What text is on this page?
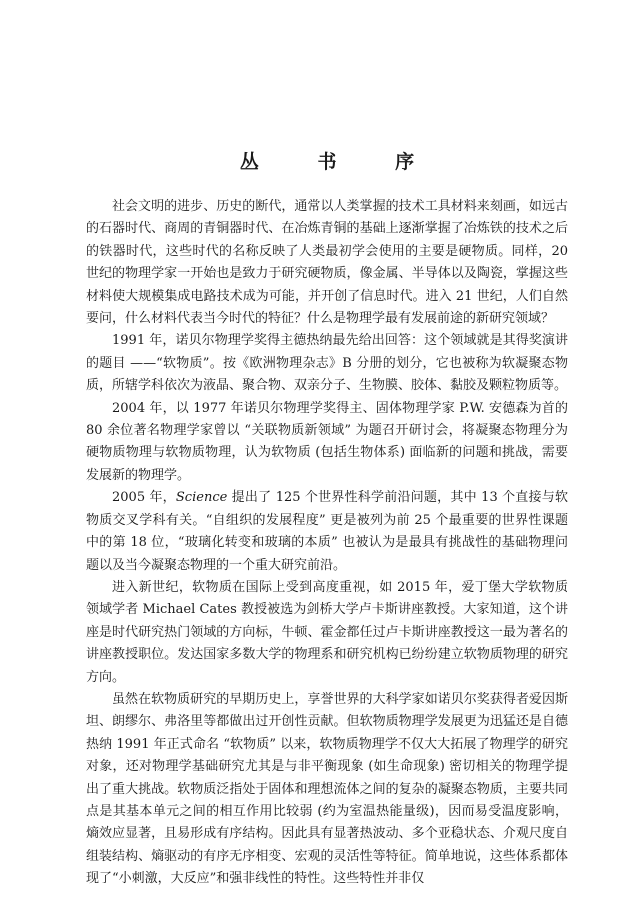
丛 书 序

社会文明的进步、历史的断代，通常以人类掌握的技术工具材料来刻画，如远古的石器时代、商周的青铜器时代、在冶炼青铜的基础上逐渐掌握了冶炼铁的技术之后的铁器时代，这些时代的名称反映了人类最初学会使用的主要是硬物质。同样，20 世纪的物理学家一开始也是致力于研究硬物质，像金属、半导体以及陶瓷，掌握这些材料使大规模集成电路技术成为可能，并开创了信息时代。进入 21 世纪，人们自然要问，什么材料代表当今时代的特征？什么是物理学最有发展前途的新研究领域？

1991 年，诺贝尔物理学奖得主德热纳最先给出回答：这个领域就是其得奖演讲的题目 ——“软物质”。按《欧洲物理杂志》B 分册的划分，它也被称为软凝聚态物质，所辖学科依次为液晶、聚合物、双亲分子、生物膜、胶体、黏胶及颗粒物质等。

2004 年，以 1977 年诺贝尔物理学奖得主、固体物理学家 P.W. 安德森为首的 80 余位著名物理学家曾以 “关联物质新领域” 为题召开研讨会，将凝聚态物理分为硬物质物理与软物质物理，认为软物质 (包括生物体系) 面临新的问题和挑战，需要发展新的物理学。

2005 年，Science 提出了 125 个世界性科学前沿问题，其中 13 个直接与软物质交叉学科有关。“自组织的发展程度” 更是被列为前 25 个最重要的世界性课题中的第 18 位，“玻璃化转变和玻璃的本质” 也被认为是最具有挑战性的基础物理问题以及当今凝聚态物理的一个重大研究前沿。

进入新世纪，软物质在国际上受到高度重视，如 2015 年，爱丁堡大学软物质领域学者 Michael Cates 教授被选为剑桥大学卢卡斯讲座教授。大家知道，这个讲座是时代研究热门领域的方向标，牛顿、霍金都任过卢卡斯讲座教授这一最为著名的讲座教授职位。发达国家多数大学的物理系和研究机构已纷纷建立软物质物理的研究方向。

虽然在软物质研究的早期历史上，享誉世界的大科学家如诺贝尔奖获得者爱因斯坦、朗缪尔、弗洛里等都做出过开创性贡献。但软物质物理学发展更为迅猛还是自德热纳 1991 年正式命名 “软物质” 以来，软物质物理学不仅大大拓展了物理学的研究对象，还对物理学基础研究尤其是与非平衡现象 (如生命现象) 密切相关的物理学提出了重大挑战。软物质泛指处于固体和理想流体之间的复杂的凝聚态物质，主要共同点是其基本单元之间的相互作用比较弱 (约为室温热能量级)，因而易受温度影响，熵效应显著，且易形成有序结构。因此具有显著热波动、多个亚稳状态、介观尺度自组装结构、熵驱动的有序无序相变、宏观的灵活性等特征。简单地说，这些体系都体现了“小刺激，大反应”和强非线性的特性。这些特性并非仅
